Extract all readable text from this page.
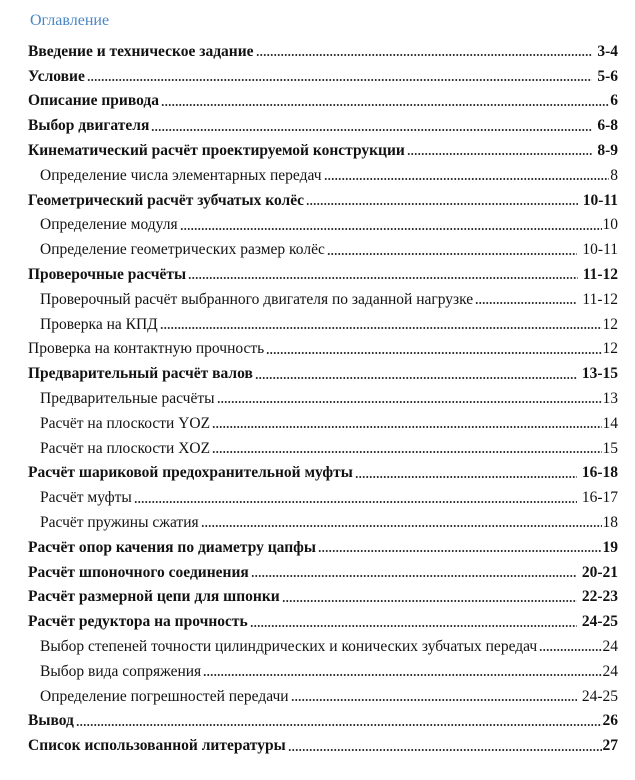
Оглавление
Введение и техническое задание	3-4
Условие	5-6
Описание привода	6
Выбор двигателя	6-8
Кинематический расчёт проектируемой конструкции	8-9
Определение числа элементарных передач	8
Геометрический расчёт зубчатых колёс	10-11
Определение модуля	10
Определение геометрических размер колёс	10-11
Проверочные расчёты	11-12
Проверочный расчёт выбранного двигателя по заданной нагрузке	11-12
Проверка на КПД	12
Проверка на контактную прочность	12
Предварительный расчёт валов	13-15
Предварительные расчёты	13
Расчёт на плоскости YOZ	14
Расчёт на плоскости XOZ	15
Расчёт шариковой предохранительной муфты	16-18
Расчёт муфты	16-17
Расчёт пружины сжатия	18
Расчёт опор качения по диаметру цапфы	19
Расчёт шпоночного соединения	20-21
Расчёт размерной цепи для шпонки	22-23
Расчёт редуктора на прочность	24-25
Выбор степеней точности цилиндрических и конических зубчатых передач	24
Выбор вида сопряжения	24
Определение погрешностей передачи	24-25
Вывод	26
Список использованной литературы	27
